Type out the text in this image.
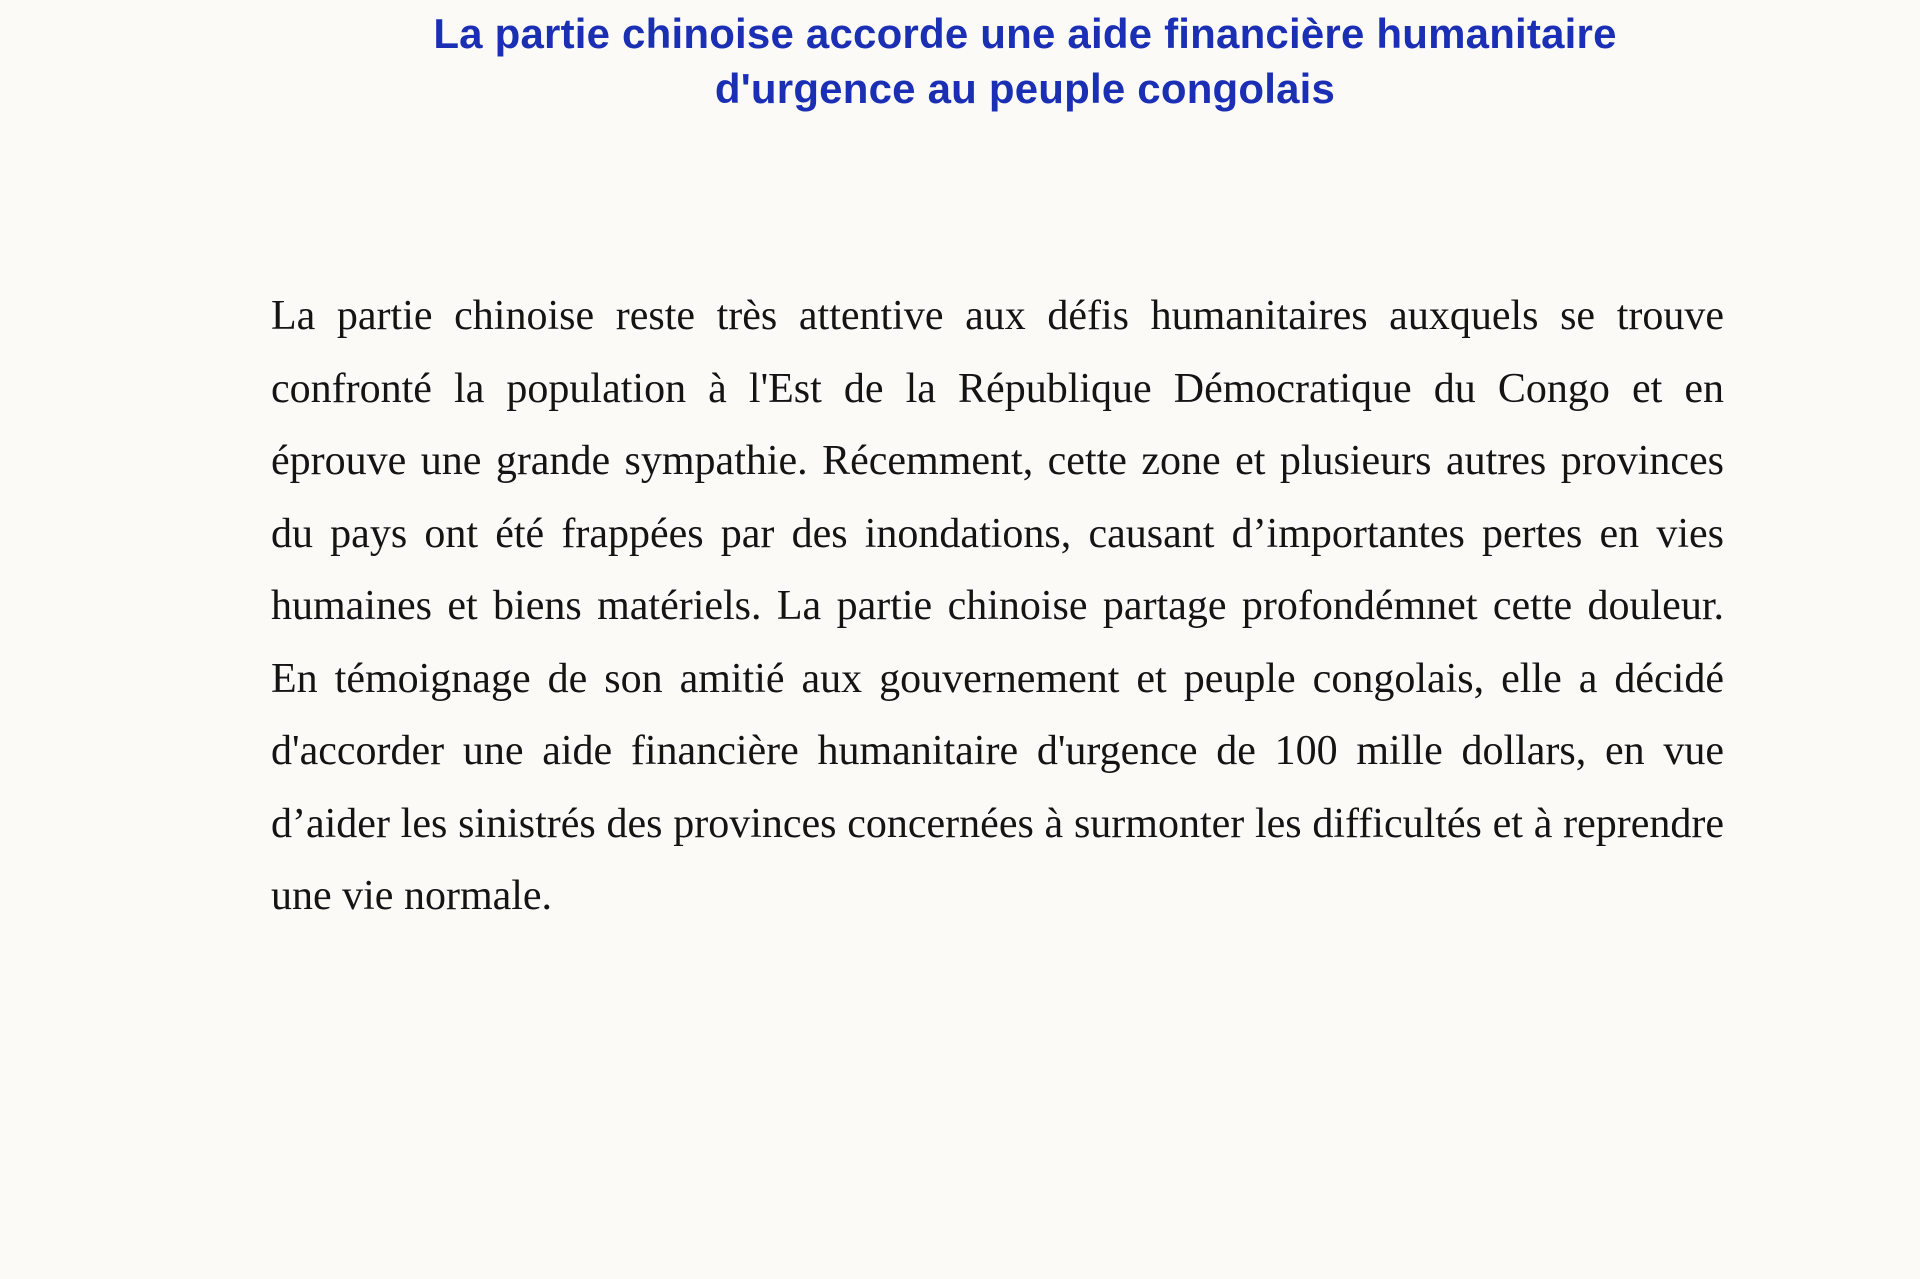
La partie chinoise accorde une aide financière humanitaire
d'urgence au peuple congolais

La partie chinoise reste très attentive aux défis humanitaires auxquels se trouve confronté la population à l'Est de la République Démocratique du Congo et en éprouve une grande sympathie. Récemment, cette zone et plusieurs autres provinces du pays ont été frappées par des inondations, causant d’importantes pertes en vies humaines et biens matériels. La partie chinoise partage profondémnet cette douleur. En témoignage de son amitié aux gouvernement et peuple congolais, elle a décidé d'accorder une aide financière humanitaire d'urgence de 100 mille dollars, en vue d’aider les sinistrés des provinces concernées à surmonter les difficultés et à reprendre une vie normale.
